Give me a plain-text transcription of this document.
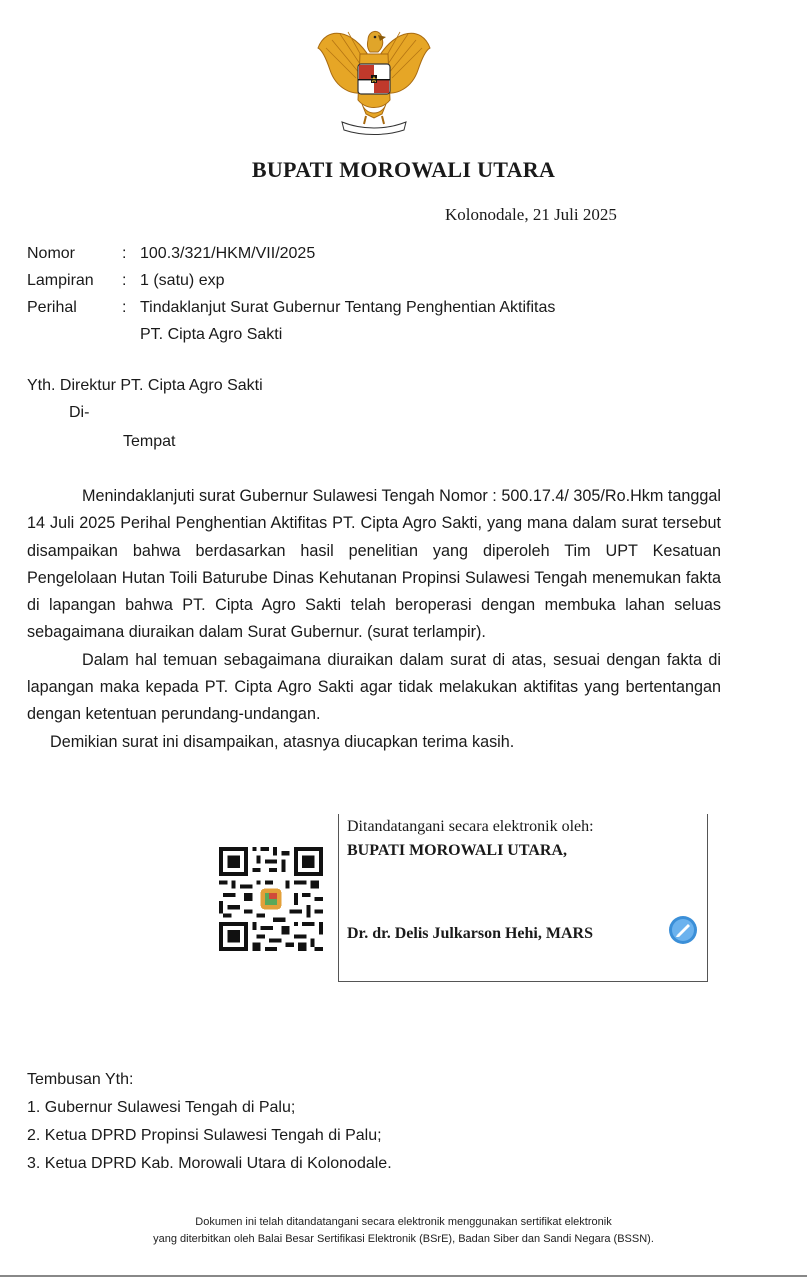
BUPATI MOROWALI UTARA
Kolonodale, 21 Juli 2025
Nomor	: 100.3/321/HKM/VII/2025
Lampiran	: 1 (satu) exp
Perihal	: Tindaklanjut Surat Gubernur Tentang Penghentian Aktifitas
PT. Cipta Agro Sakti
Yth. Direktur PT. Cipta Agro Sakti
Di-
Tempat

Menindaklanjuti surat Gubernur Sulawesi Tengah Nomor : 500.17.4/ 305/Ro.Hkm tanggal 14 Juli 2025 Perihal Penghentian Aktifitas PT. Cipta Agro Sakti, yang mana dalam surat tersebut disampaikan bahwa berdasarkan hasil penelitian yang diperoleh Tim UPT Kesatuan Pengelolaan Hutan Toili Baturube Dinas Kehutanan Propinsi Sulawesi Tengah menemukan fakta di lapangan bahwa PT. Cipta Agro Sakti telah beroperasi dengan membuka lahan seluas sebagaimana diuraikan dalam Surat Gubernur. (surat terlampir).

Dalam hal temuan sebagaimana diuraikan dalam surat di atas, sesuai dengan fakta di lapangan maka kepada PT. Cipta Agro Sakti agar tidak melakukan aktifitas yang bertentangan dengan ketentuan perundang-undangan.

Demikian surat ini disampaikan, atasnya diucapkan terima kasih.

Ditandatangani secara elektronik oleh:
BUPATI MOROWALI UTARA,
Dr. dr. Delis Julkarson Hehi, MARS
Tembusan Yth:
1. Gubernur Sulawesi Tengah di Palu;
2. Ketua DPRD Propinsi Sulawesi Tengah di Palu;
3. Ketua DPRD Kab. Morowali Utara di Kolonodale.
Dokumen ini telah ditandatangani secara elektronik menggunakan sertifikat elektronik
yang diterbitkan oleh Balai Besar Sertifikasi Elektronik (BSrE), Badan Siber dan Sandi Negara (BSSN).
